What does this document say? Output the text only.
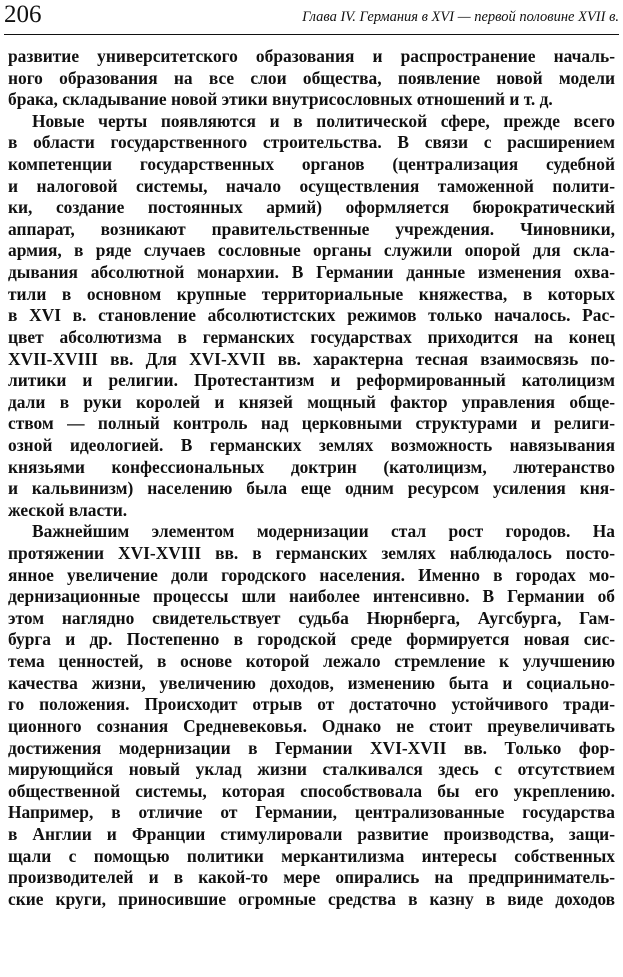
206	Глава IV. Германия в XVI — первой половине XVII в.
развитие университетского образования и распространение началь-
ного образования на все слои общества, появление новой модели
брака, складывание новой этики внутрисословных отношений и т. д.
Новые черты появляются и в политической сфере, прежде всего
в области государственного строительства. В связи с расширением
компетенции государственных органов (централизация судебной
и налоговой системы, начало осуществления таможенной полити-
ки, создание постоянных армий) оформляется бюрократический
аппарат, возникают правительственные учреждения. Чиновники,
армия, в ряде случаев сословные органы служили опорой для скла-
дывания абсолютной монархии. В Германии данные изменения охва-
тили в основном крупные территориальные княжества, в которых
в XVI в. становление абсолютистских режимов только началось. Рас-
цвет абсолютизма в германских государствах приходится на конец
XVII-XVIII вв. Для XVI-XVII вв. характерна тесная взаимосвязь по-
литики и религии. Протестантизм и реформированный католицизм
дали в руки королей и князей мощный фактор управления обще-
ством — полный контроль над церковными структурами и религи-
озной идеологией. В германских землях возможность навязывания
князьями конфессиональных доктрин (католицизм, лютеранство
и кальвинизм) населению была еще одним ресурсом усиления кня-
жеской власти.
Важнейшим элементом модернизации стал рост городов. На
протяжении XVI-XVIII вв. в германских землях наблюдалось посто-
янное увеличение доли городского населения. Именно в городах мо-
дернизационные процессы шли наиболее интенсивно. В Германии об
этом наглядно свидетельствует судьба Нюрнберга, Аугсбурга, Гам-
бурга и др. Постепенно в городской среде формируется новая сис-
тема ценностей, в основе которой лежало стремление к улучшению
качества жизни, увеличению доходов, изменению быта и социально-
го положения. Происходит отрыв от достаточно устойчивого тради-
ционного сознания Средневековья. Однако не стоит преувеличивать
достижения модернизации в Германии XVI-XVII вв. Только фор-
мирующийся новый уклад жизни сталкивался здесь с отсутствием
общественной системы, которая способствовала бы его укреплению.
Например, в отличие от Германии, централизованные государства
в Англии и Франции стимулировали развитие производства, защи-
щали с помощью политики меркантилизма интересы собственных
производителей и в какой-то мере опирались на предприниматель-
ские круги, приносившие огромные средства в казну в виде доходов
